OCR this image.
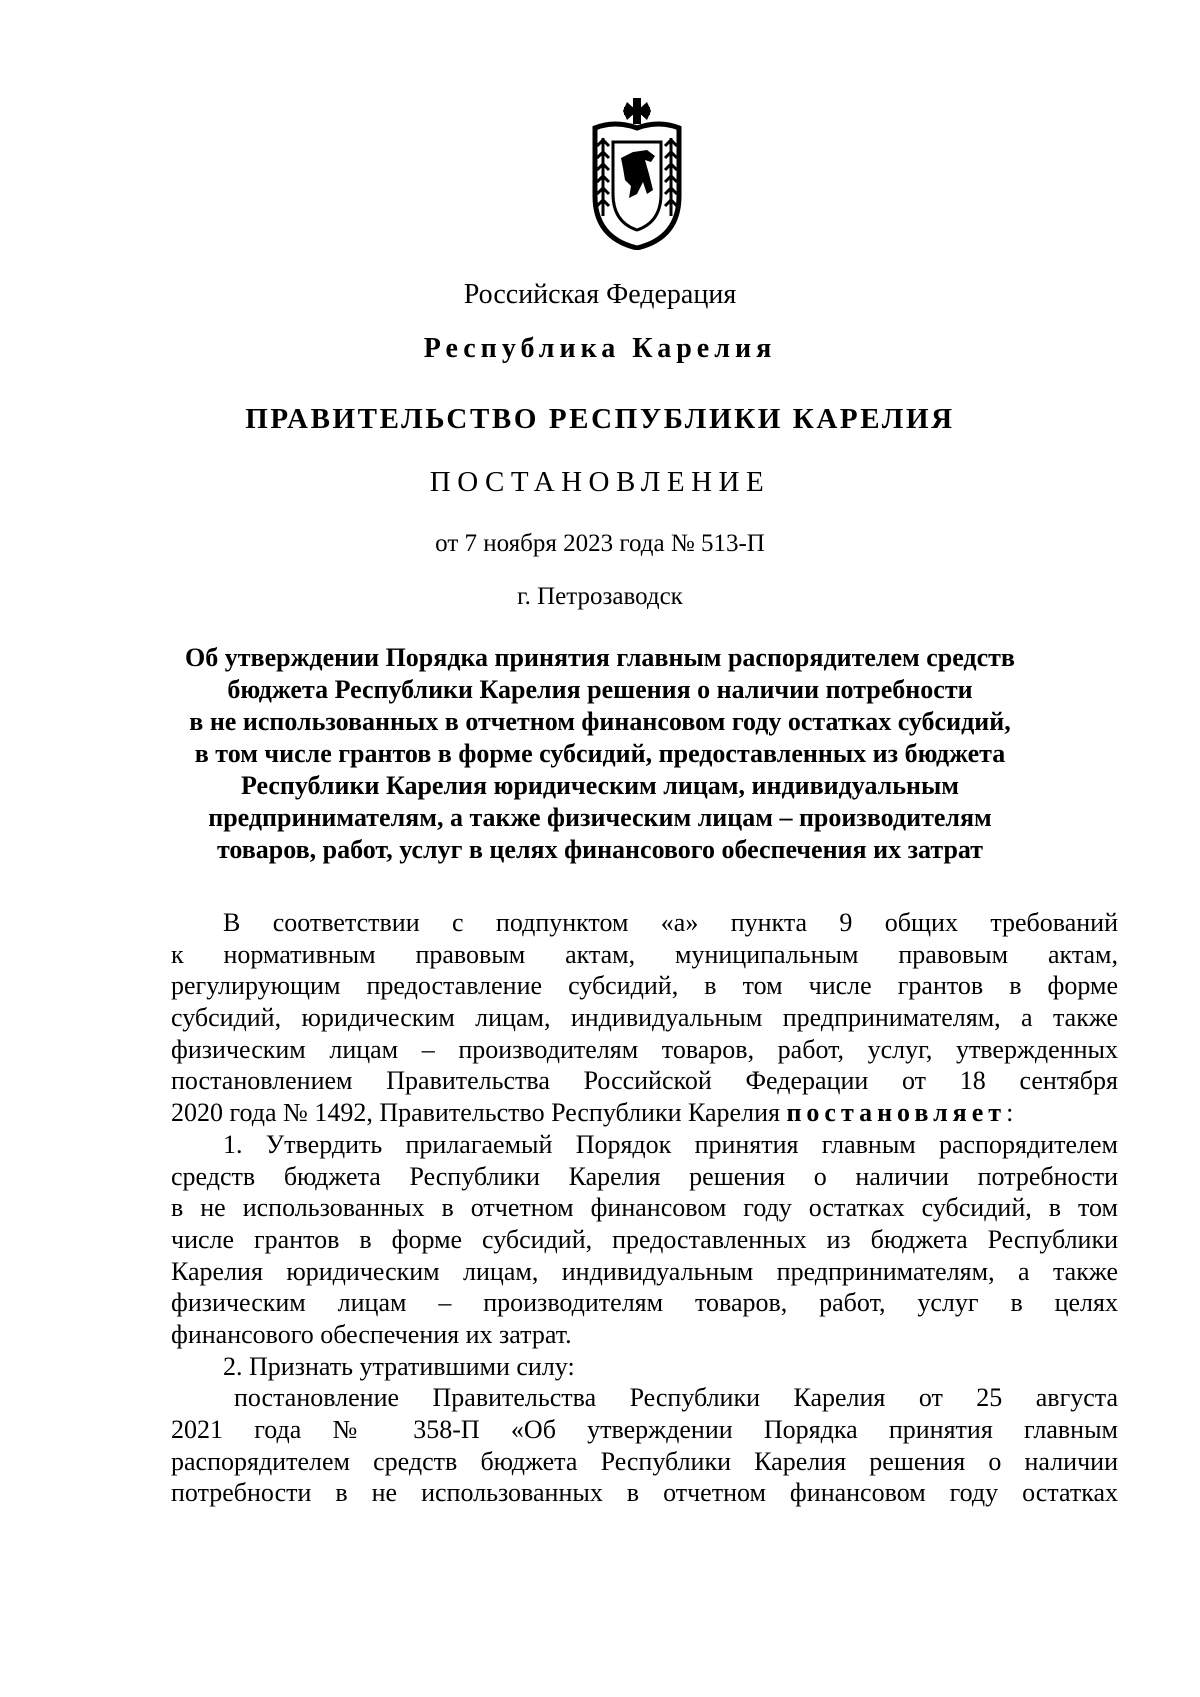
Российская Федерация
Республика Карелия
ПРАВИТЕЛЬСТВО РЕСПУБЛИКИ КАРЕЛИЯ
ПОСТАНОВЛЕНИЕ
от 7 ноября 2023 года № 513-П
г. Петрозаводск
Об утверждении Порядка принятия главным распорядителем средств
бюджета Республики Карелия решения о наличии потребности
в не использованных в отчетном финансовом году остатках субсидий,
в том числе грантов в форме субсидий, предоставленных из бюджета
Республики Карелия юридическим лицам, индивидуальным
предпринимателям, а также физическим лицам – производителям
товаров, работ, услуг в целях финансового обеспечения их затрат
В соответствии с подпунктом «а» пункта 9 общих требований
к нормативным правовым актам, муниципальным правовым актам,
регулирующим предоставление субсидий, в том числе грантов в форме
субсидий, юридическим лицам, индивидуальным предпринимателям, а также
физическим лицам – производителям товаров, работ, услуг, утвержденных
постановлением Правительства Российской Федерации от 18 сентября
2020 года № 1492, Правительство Республики Карелия постановляет:
1. Утвердить прилагаемый Порядок принятия главным распорядителем
средств бюджета Республики Карелия решения о наличии потребности
в не использованных в отчетном финансовом году остатках субсидий, в том
числе грантов в форме субсидий, предоставленных из бюджета Республики
Карелия юридическим лицам, индивидуальным предпринимателям, а также
физическим лицам – производителям товаров, работ, услуг в целях
финансового обеспечения их затрат.
2. Признать утратившими силу:
постановление Правительства Республики Карелия от 25 августа
2021 года № 358-П «Об утверждении Порядка принятия главным
распорядителем средств бюджета Республики Карелия решения о наличии
потребности в не использованных в отчетном финансовом году остатках
